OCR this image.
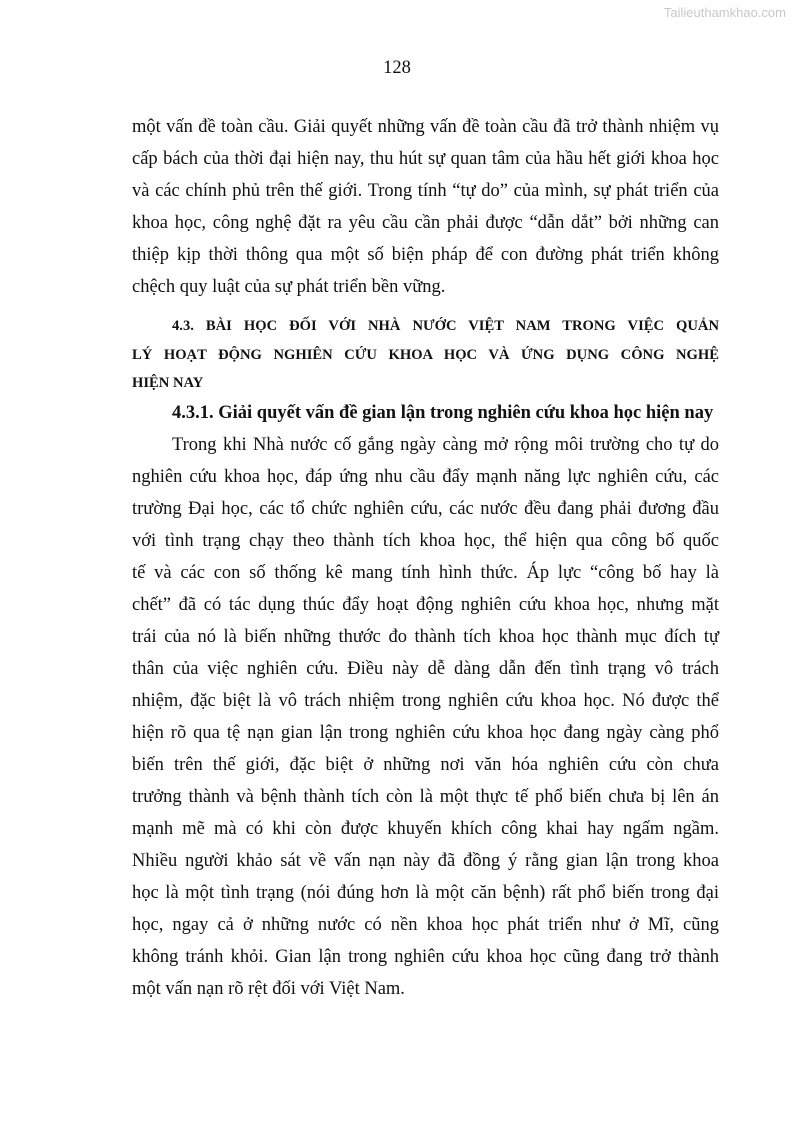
Tailieuthamkhao.com
128
một vấn đề toàn cầu. Giải quyết những vấn đề toàn cầu đã trở thành nhiệm vụ
cấp bách của thời đại hiện nay, thu hút sự quan tâm của hầu hết giới khoa học
và các chính phủ trên thế giới. Trong tính “tự do” của mình, sự phát triển của
khoa học, công nghệ đặt ra yêu cầu cần phải được “dẫn dắt” bởi những can
thiệp kịp thời thông qua một số biện pháp để con đường phát triển không
chệch quy luật của sự phát triển bền vững.
4.3. BÀI HỌC ĐỐI VỚI NHÀ NƯỚC VIỆT NAM TRONG VIỆC QUẢN
LÝ HOẠT ĐỘNG NGHIÊN CỨU KHOA HỌC VÀ ỨNG DỤNG CÔNG NGHỆ
HIỆN NAY
4.3.1. Giải quyết vấn đề gian lận trong nghiên cứu khoa học hiện nay
Trong khi Nhà nước cố gắng ngày càng mở rộng môi trường cho tự do
nghiên cứu khoa học, đáp ứng nhu cầu đẩy mạnh năng lực nghiên cứu, các
trường Đại học, các tổ chức nghiên cứu, các nước đều đang phải đương đầu
với tình trạng chạy theo thành tích khoa học, thể hiện qua công bố quốc
tế và các con số thống kê mang tính hình thức. Áp lực “công bố hay là
chết” đã có tác dụng thúc đẩy hoạt động nghiên cứu khoa học, nhưng mặt
trái của nó là biến những thước đo thành tích khoa học thành mục đích tự
thân của việc nghiên cứu. Điều này dễ dàng dẫn đến tình trạng vô trách
nhiệm, đặc biệt là vô trách nhiệm trong nghiên cứu khoa học. Nó được thể
hiện rõ qua tệ nạn gian lận trong nghiên cứu khoa học đang ngày càng phổ
biến trên thế giới, đặc biệt ở những nơi văn hóa nghiên cứu còn chưa
trưởng thành và bệnh thành tích còn là một thực tế phổ biến chưa bị lên án
mạnh mẽ mà có khi còn được khuyến khích công khai hay ngấm ngầm.
Nhiều người khảo sát về vấn nạn này đã đồng ý rằng gian lận trong khoa
học là một tình trạng (nói đúng hơn là một căn bệnh) rất phổ biến trong đại
học, ngay cả ở những nước có nền khoa học phát triển như ở Mĩ, cũng
không tránh khỏi. Gian lận trong nghiên cứu khoa học cũng đang trở thành
một vấn nạn rõ rệt đối với Việt Nam.
